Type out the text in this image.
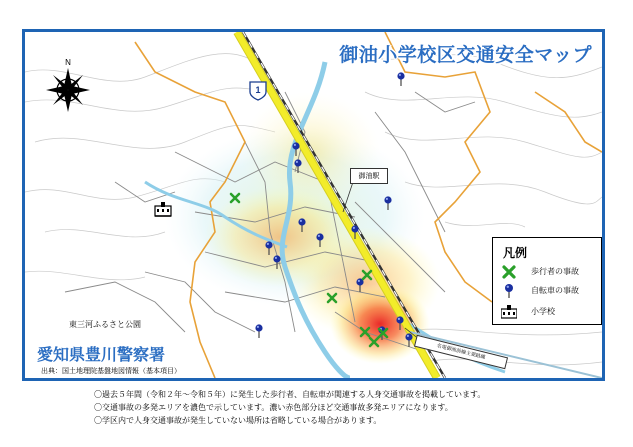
1
N	御油小学校区交通安全マップ
御油駅
東三河ふるさと公園
愛知県豊川警察署
出典：国土地理院基盤地図情報（基本項目）
名電御油前線主要路線
凡例
歩行者の事故
自転車の事故
小学校
〇過去５年間（令和２年～令和５年）に発生した歩行者、自転車が関連する人身交通事故を掲載しています。
〇交通事故の多発エリアを濃色で示しています。濃い赤色部分ほど交通事故多発エリアになります。
〇学区内で人身交通事故が発生していない場所は省略している場合があります。
